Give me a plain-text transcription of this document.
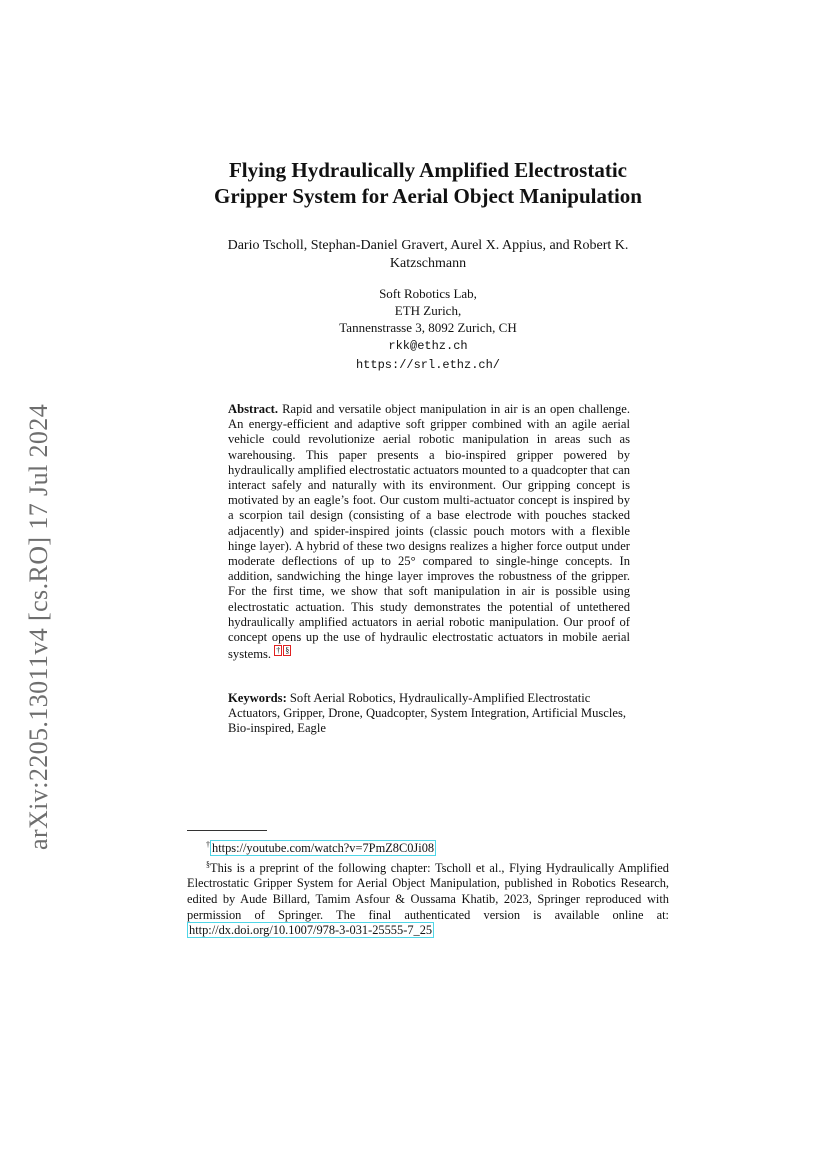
arXiv:2205.13011v4 [cs.RO] 17 Jul 2024
Flying Hydraulically Amplified Electrostatic
Gripper System for Aerial Object Manipulation

Dario Tscholl, Stephan-Daniel Gravert, Aurel X. Appius, and Robert K.
Katzschmann

Soft Robotics Lab,
ETH Zurich,
Tannenstrasse 3, 8092 Zurich, CH
rkk@ethz.ch
https://srl.ethz.ch/

Abstract. Rapid and versatile object manipulation in air is an open challenge. An energy-efficient and adaptive soft gripper combined with an agile aerial vehicle could revolutionize aerial robotic manipulation in areas such as warehousing. This paper presents a bio-inspired gripper powered by hydraulically amplified electrostatic actuators mounted to a quadcopter that can interact safely and naturally with its environment. Our gripping concept is motivated by an eagle’s foot. Our custom multi-actuator concept is inspired by a scorpion tail design (consisting of a base electrode with pouches stacked adjacently) and spider-inspired joints (classic pouch motors with a flexible hinge layer). A hybrid of these two designs realizes a higher force output under moderate deflections of up to 25° compared to single-hinge concepts. In addition, sandwiching the hinge layer improves the robustness of the gripper. For the first time, we show that soft manipulation in air is possible using electrostatic actuation. This study demonstrates the potential of untethered hydraulically amplified actuators in aerial robotic manipulation. Our proof of concept opens up the use of hydraulic electrostatic actuators in mobile aerial systems. † §

Keywords: Soft Aerial Robotics, Hydraulically-Amplified Electrostatic Actuators, Gripper, Drone, Quadcopter, System Integration, Artificial Muscles, Bio-inspired, Eagle

† https://youtube.com/watch?v=7PmZ8C0Ji08

§This is a preprint of the following chapter: Tscholl et al., Flying Hydraulically Amplified Electrostatic Gripper System for Aerial Object Manipulation, published in Robotics Research, edited by Aude Billard, Tamim Asfour & Oussama Khatib, 2023, Springer reproduced with permission of Springer. The final authenticated version is available online at: http://dx.doi.org/10.1007/978-3-031-25555-7_25
